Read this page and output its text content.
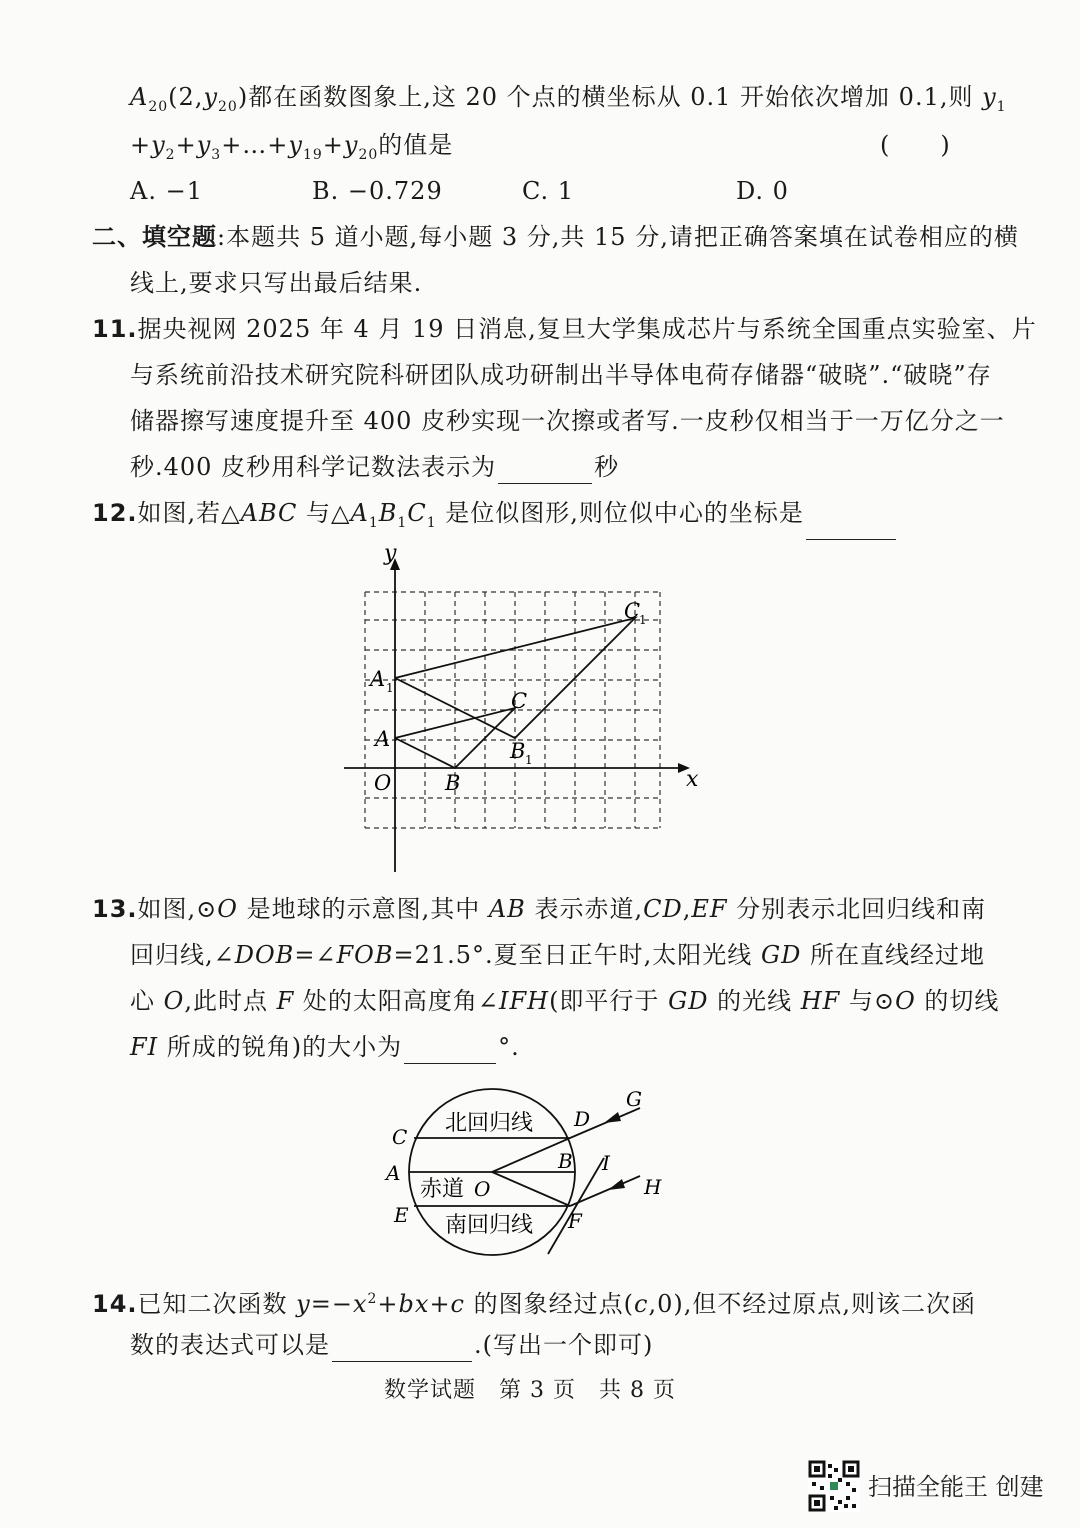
$A_{20}(2,y_{20})$都在函数图象上,这 20 个点的横坐标从 0.1 开始依次增加 0.1,则 $y_1$
$+y_2+y_3+\dots+y_{19}+y_{20}$的值是	(　　)
A. −1	B. −0.729	C. 1	D. 0
二、填空题:本题共 5 道小题,每小题 3 分,共 15 分,请把正确答案填在试卷相应的横
线上,要求只写出最后结果.
11.据央视网 2025 年 4 月 19 日消息,复旦大学集成芯片与系统全国重点实验室、片
与系统前沿技术研究院科研团队成功研制出半导体电荷存储器“破晓”.“破晓”存
储器擦写速度提升至 400 皮秒实现一次擦或者写.一皮秒仅相当于一万亿分之一
秒.400 皮秒用科学记数法表示为	秒
12.如图,若△ABC 与$\triangle A_1B_1C_1$ 是位似图形,则位似中心的坐标是
y
x
O
A
B
C
A 1
B 1
C
1
13.如图,⊙O 是地球的示意图,其中 AB 表示赤道,CD,EF 分别表示北回归线和南
回归线,∠DOB=∠FOB=21.5°.夏至日正午时,太阳光线 GD 所在直线经过地
心 O,此时点 F 处的太阳高度角∠IFH(即平行于 GD 的光线 HF 与⊙O 的切线
FI 所成的锐角)的大小为	°.
北回归线
赤道
南回归线
C
A
E
O
D
B
F
G
I
H
14.已知二次函数 $y=-x^2+bx+c$ 的图象经过点(c,0),但不经过原点,则该二次函
数的表达式可以是	.(写出一个即可)
数学试题　第 3 页　共 8 页
扫描全能王 创建
